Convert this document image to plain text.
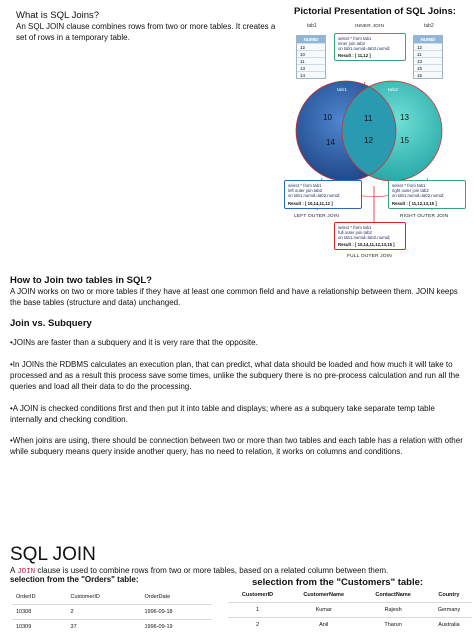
What is SQL Joins?
An SQL JOIN clause combines rows from two or more tables. It creates a set of rows in a temporary table.
Pictorial Presentation of SQL Joins:
tab1
NUMID
12
10
11
13
14
tab2
NUMID
12
11
13
15
15
INNER JOIN
select * from tab1
inner join tab2
on tab1.numid=tab2.numid;
Result : [ 11,12 ]
tab1	tab2
10	11	13
14	12	15
select * from tab1
left outer join tab2
on tab1.numid=tab2.numid;
Result : [ 10,14,11,12 ]
LEFT OUTER JOIN
select * from tab1
right outer join tab2
on tab1.numid=tab2.numid;
Result : [ 11,12,13,15 ]
RIGHT OUTER JOIN
select * from tab1
full outer join tab2
on tab1.numid=tab2.numid;
Result : [ 10,14,11,12,13,15 ]
FULL OUTER JOIN
How to Join two tables in SQL?
A JOIN works on two or more tables if they have at least one common field and have a relationship between them. JOIN keeps the base tables (structure and data) unchanged.
Join vs. Subquery
•JOINs are faster than a subquery and it is very rare that the opposite.
•In JOINs the RDBMS calculates an execution plan, that can predict, what data should be loaded and how much it will take to processed and as a result this process save some times, unlike the subquery there is no pre-process calculation and run all the queries and load all their data to do the processing.
•A JOIN is checked conditions first and then put it into table and displays; where as a subquery take separate temp table internally and checking condition.
•When joins are using, there should be connection between two or more than two tables and each table has a relation with other while subquery means query inside another query, has no need to relation, it works on columns and conditions.
SQL JOIN
A JOIN clause is used to combine rows from two or more tables, based on a related column between them.
selection from the "Orders" table:	selection from the "Customers" table:
OrderID	CustomerID	OrderDate
10308	2	1996-09-18
10309	37	1996-09-19
CustomerID	CustomerName	ContactName	Country
1	Kumar	Rajesh	Germany
2	Anil	Tharun	Australia
